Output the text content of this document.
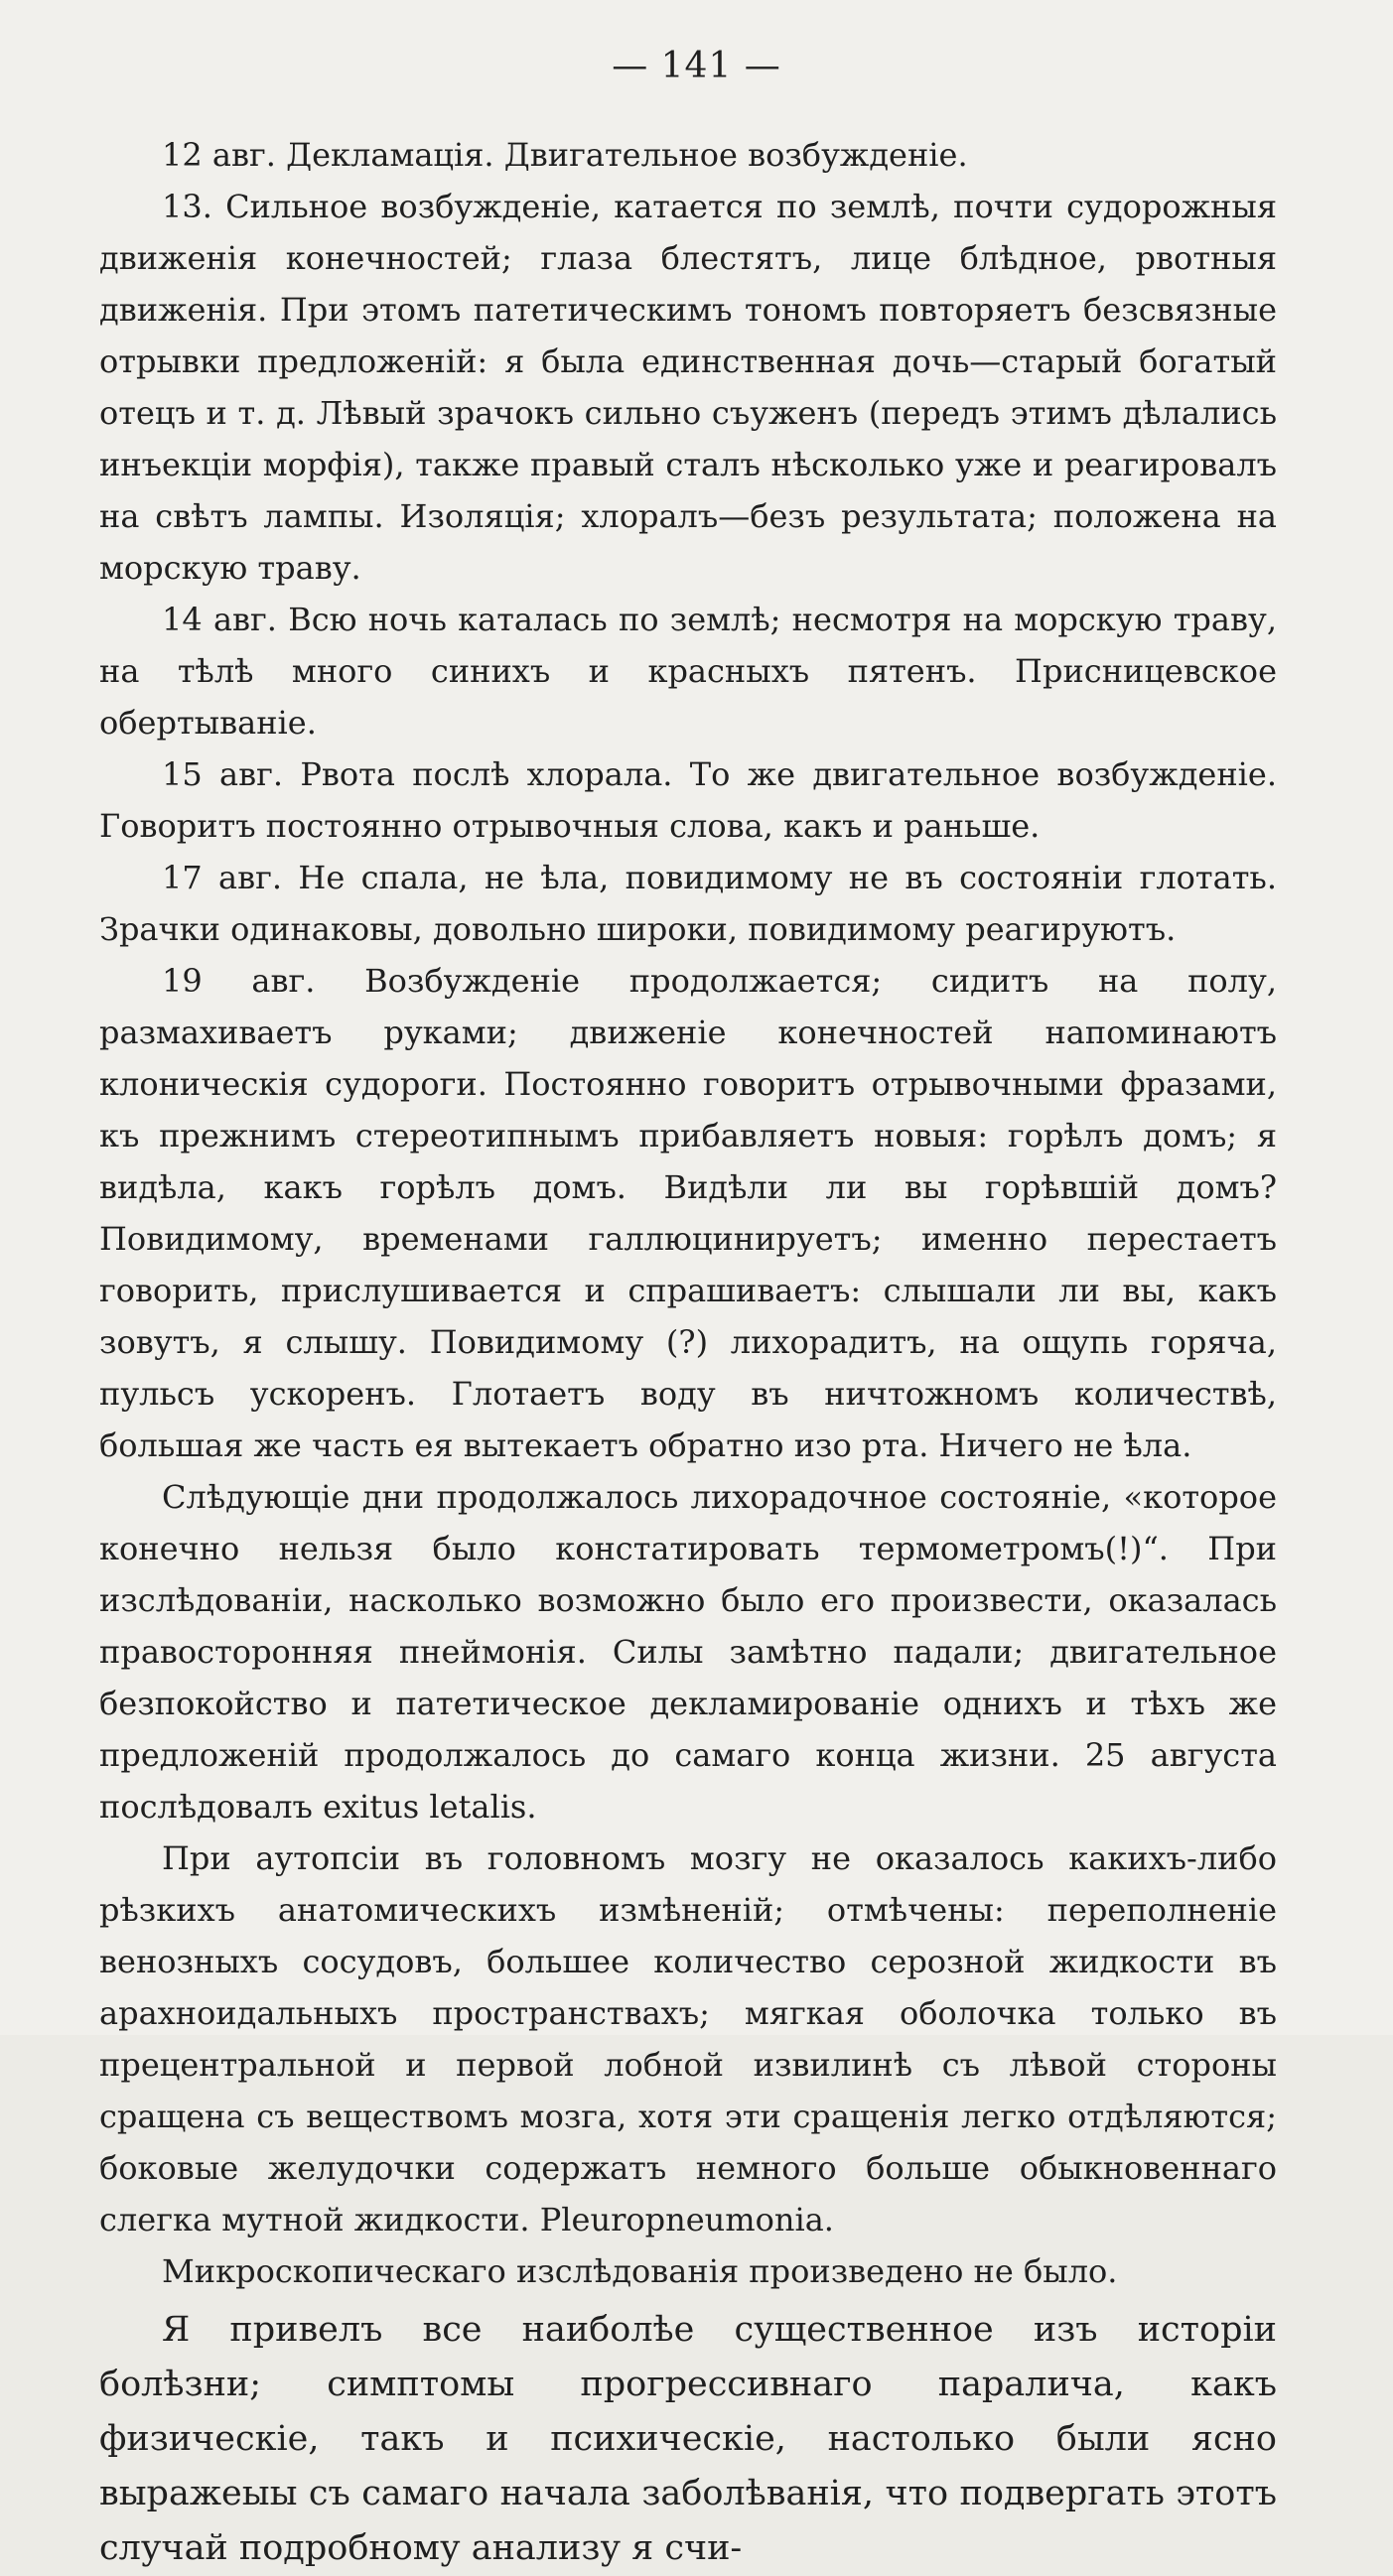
— 141 —

12 авг. Декламація. Двигательное возбужденіе.

13. Сильное возбужденіе, катается по землѣ, почти судорожныя движенія конечностей; глаза блестятъ, лице блѣдное, рвотныя движенія. При этомъ патетическимъ тономъ повторяетъ безсвязные отрывки предложеній: я была единственная дочь—старый богатый отецъ и т. д. Лѣвый зрачокъ сильно съуженъ (передъ этимъ дѣлались инъекціи морфія), также правый сталъ нѣсколько уже и реагировалъ на свѣтъ лампы. Изоляція; хлоралъ—безъ результата; положена на морскую траву.

14 авг. Всю ночь каталась по землѣ; несмотря на морскую траву, на тѣлѣ много синихъ и красныхъ пятенъ. Присницевское обертываніе.

15 авг. Рвота послѣ хлорала. То же двигательное возбужденіе. Говоритъ постоянно отрывочныя слова, какъ и раньше.

17 авг. Не спала, не ѣла, повидимому не въ состояніи глотать. Зрачки одинаковы, довольно широки, повидимому реагируютъ.

19 авг. Возбужденіе продолжается; сидитъ на полу, размахиваетъ руками; движеніе конечностей напоминаютъ клоническія судороги. Постоянно говоритъ отрывочными фразами, къ прежнимъ стереотипнымъ прибавляетъ новыя: горѣлъ домъ; я видѣла, какъ горѣлъ домъ. Видѣли ли вы горѣвшій домъ? Повидимому, временами галлюцинируетъ; именно перестаетъ говорить, прислушивается и спрашиваетъ: слышали ли вы, какъ зовутъ, я слышу. Повидимому (?) лихорадитъ, на ощупь горяча, пульсъ ускоренъ. Глотаетъ воду въ ничтожномъ количествѣ, большая же часть ея вытекаетъ обратно изо рта. Ничего не ѣла.

Слѣдующіе дни продолжалось лихорадочное состояніе, «которое конечно нельзя было констатировать термометромъ(!)“. При изслѣдованіи, насколько возможно было его произвести, оказалась правосторонняя пнеймонія. Силы замѣтно падали; двигательное безпокойство и патетическое декламированіе однихъ и тѣхъ же предложеній продолжалось до самаго конца жизни. 25 августа послѣдовалъ exitus letalis.

При аутопсіи въ головномъ мозгу не оказалось какихъ-либо рѣзкихъ анатомическихъ измѣненій; отмѣчены: переполненіе венозныхъ сосудовъ, большее количество серозной жидкости въ арахноидальныхъ пространствахъ; мягкая оболочка только въ прецентральной и первой лобной извилинѣ съ лѣвой стороны сращена съ веществомъ мозга, хотя эти сращенія легко отдѣляются; боковые желудочки содержатъ немного больше обыкновеннаго слегка мутной жидкости. Pleuropneumonia.

Микроскопическаго изслѣдованія произведено не было.

Я привелъ все наиболѣе существенное изъ исторіи болѣзни; симптомы прогрессивнаго паралича, какъ физическіе, такъ и психическіе, настолько были ясно выражеыы съ самаго начала заболѣванія, что подвергать этотъ случай подробному анализу я счи-
